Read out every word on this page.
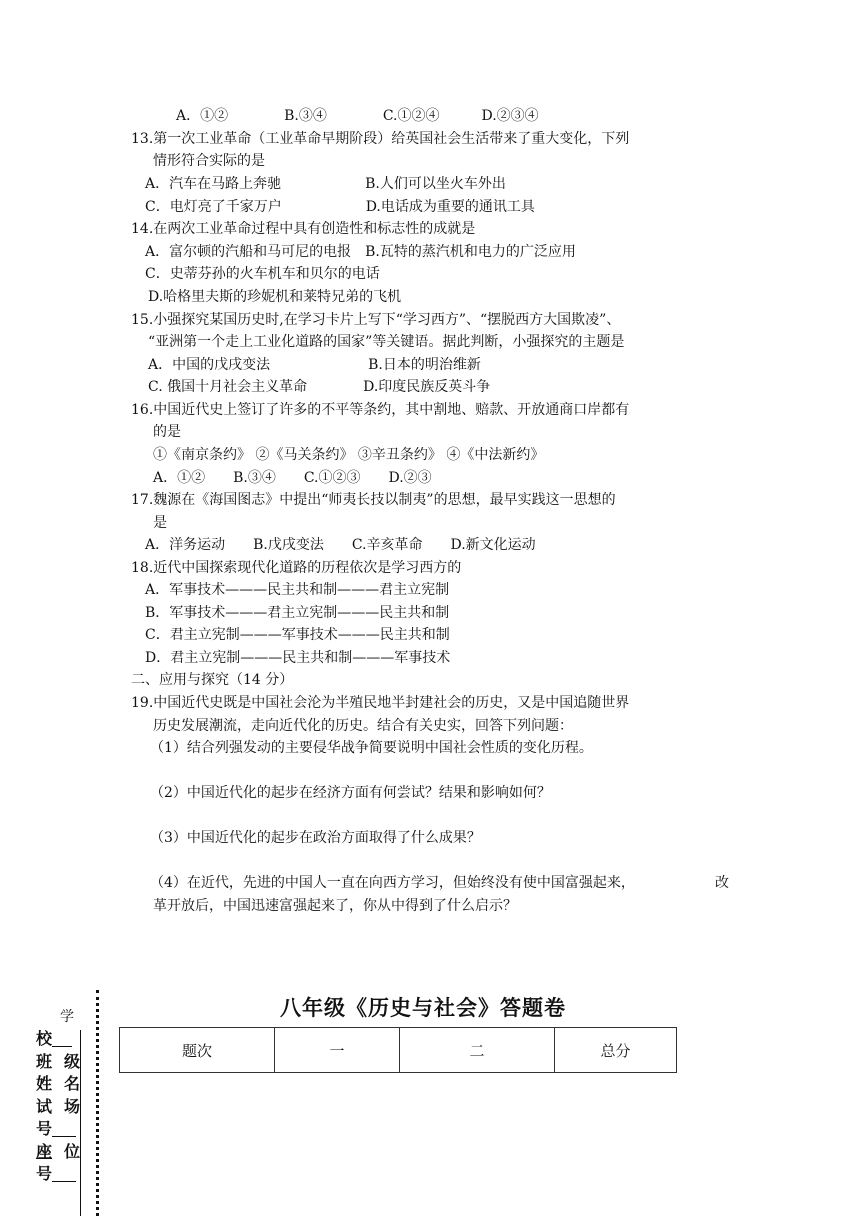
A．①②　　　　B.③④　　　　C.①②④　　　D.②③④
13.第一次工业革命（工业革命早期阶段）给英国社会生活带来了重大变化，下列
情形符合实际的是
A．汽车在马路上奔驰　　　　　　B.人们可以坐火车外出
C．电灯亮了千家万户　　　　　　D.电话成为重要的通讯工具
14.在两次工业革命过程中具有创造性和标志性的成就是
A．富尔顿的汽船和马可尼的电报　B.瓦特的蒸汽机和电力的广泛应用
C．史蒂芬孙的火车机车和贝尔的电话
D.哈格里夫斯的珍妮机和莱特兄弟的飞机
15.小强探究某国历史时,在学习卡片上写下“学习西方”、“摆脱西方大国欺凌”、
“亚洲第一个走上工业化道路的国家”等关键语。据此判断，小强探究的主题是
A．中国的戊戌变法　　　　　　　B.日本的明治维新
C. 俄国十月社会主义革命　　　　D.印度民族反英斗争
16.中国近代史上签订了许多的不平等条约，其中割地、赔款、开放通商口岸都有
的是
①《南京条约》 ②《马关条约》 ③辛丑条约》 ④《中法新约》
A．①②　　B.③④　　C.①②③　　D.②③
17.魏源在《海国图志》中提出“师夷长技以制夷”的思想，最早实践这一思想的
是
A．洋务运动　　B.戊戌变法　　C.辛亥革命　　D.新文化运动
18.近代中国探索现代化道路的历程依次是学习西方的
A．军事技术———民主共和制———君主立宪制
B．军事技术———君主立宪制———民主共和制
C．君主立宪制———军事技术———民主共和制
D．君主立宪制———民主共和制———军事技术
二、应用与探究（14 分）
19.中国近代史既是中国社会沦为半殖民地半封建社会的历史，又是中国追随世界
历史发展潮流，走向近代化的历史。结合有关史实，回答下列问题：
（1）结合列强发动的主要侵华战争简要说明中国社会性质的变化历程。
（2）中国近代化的起步在经济方面有何尝试？结果和影响如何？
（3）中国近代化的起步在政治方面取得了什么成果？
（4）在近代，先进的中国人一直在向西方学习，但始终没有使中国富强起来，	改
革开放后，中国迅速富强起来了，你从中得到了什么启示？
八年级《历史与社会》答题卷
题次	一	二	总分
学
校
级
班
名
姓
场
试
号
位
座
号
